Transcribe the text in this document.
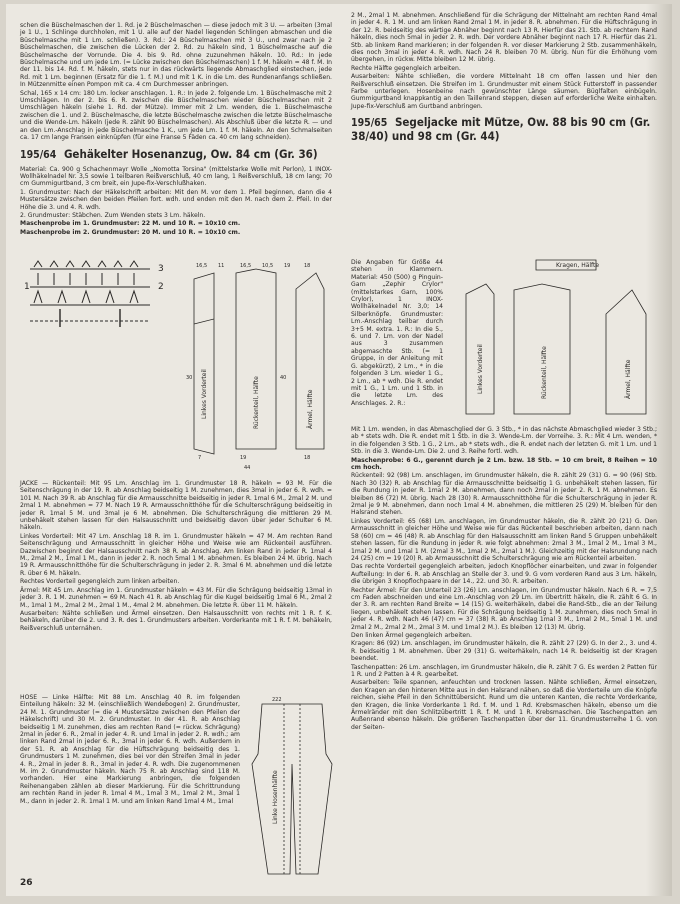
schen die Büschelmaschen der 1. Rd. je 2 Büschelmaschen — diese jedoch mit 3 U. — arbeiten (3mal je 1 U., 1 Schlinge durchholen, mit 1 U. alle auf der Nadel liegenden Schlingen abmaschen und die Büschelmasche mit 1 Lm. schließen). 3. Rd.: 24 Büschelmaschen mit 3 U., und zwar nach je 2 Büschelmaschen, die zwischen die Lücken der 2. Rd. zu häkeln sind, 1 Büschelmasche auf die Büschelmasche der Vorrunde. Die 4. bis 9. Rd. ohne zuzunehmen häkeln. 10. Rd.: In jede Büschelmasche und um jede Lm. (= Lücke zwischen den Büschelmaschen) 1 f. M. häkeln = 48 f. M. In der 11. bis 14. Rd. f. M. häkeln, stets nur in das rückwärts liegende Abmaschglied einstechen, jede Rd. mit 1 Lm. beginnen (Ersatz für die 1. f. M.) und mit 1 K. in die Lm. des Rundenanfangs schließen. In Mützenmitte einen Pompon mit ca. 4 cm Durchmesser anbringen.

Schal, 165 x 14 cm: 180 Lm. locker anschlagen. 1. R.: In jede 2. folgende Lm. 1 Büschelmasche mit 2 Umschlägen. In der 2. bis 6. R. zwischen die Büschelmaschen wieder Büschelmaschen mit 2 Umschlägen häkeln (siehe 1. Rd. der Mütze). Immer mit 2 Lm. wenden, die 1. Büschelmasche zwischen die 1. und 2. Büschelmasche, die letzte Büschelmasche zwischen die letzte Büschelmasche und die Wende-Lm. häkeln (jede R. zählt 90 Büschelmaschen). Als Abschluß über die letzte R. — und an den Lm.-Anschlag in jede Büschelmasche 1 K., um jede Lm. 1 f. M. häkeln. An den Schmalseiten ca. 17 cm lange Fransen einknüpfen (für eine Franse 5 Fäden ca. 40 cm lang schneiden).

195/64 Gehäkelter Hosenanzug, Ow. 84 cm (Gr. 36)

Material: Ca. 900 g Schachenmayr Wolle „Nomotta Torsina" (mittelstarke Wolle mit Perlon), 1 INOX-Wollhäkelnadel Nr. 3,5 sowie 1 teilbaren Reißverschluß, 40 cm lang, 1 Reißverschluß, 18 cm lang; 70 cm Gummigurtband, 3 cm breit, ein Jupe-fix-Verschlußhaken.

1. Grundmuster: Nach der Häkelschrift arbeiten: Mit den M. vor dem 1. Pfeil beginnen, dann die 4 Mustersätze zwischen den beiden Pfeilen fort. wdh. und enden mit den M. nach dem 2. Pfeil. In der Höhe die 3. und 4. R. wdh.

2. Grundmuster: Stäbchen. Zum Wenden stets 3 Lm. häkeln.

Maschenprobe im 1. Grundmuster: 22 M. und 10 R. = 10x10 cm.

Maschenprobe im 2. Grundmuster: 20 M. und 10 R. = 10x10 cm.

3
1	2
Linkes Vorderteil	Rückenteil, Hälfte	Ärmel, Hälfte
16,5 11	16,5 10,5 19	18
19
7
44
18
30	40

JACKE — Rückenteil: Mit 95 Lm. Anschlag im 1. Grundmuster 18 R. häkeln = 93 M. Für die Seitenschrägung in der 19. R. ab Anschlag beidseitig 1 M. zunehmen, dies 3mal in jeder 6. R. wdh. = 101 M. Nach 39 R. ab Anschlag für die Armausschnitte beidseitig in jeder R. 1mal 6 M., 2mal 2 M. und 2mal 1 M. abnehmen = 77 M. Nach 19 R. Armausschnitthöhe für die Schulterschrägung beidseitig in jeder R. 1mal 5 M. und 3mal je 6 M. abnehmen. Die Schulterschrägung die mittleren 29 M. unbehäkelt stehen lassen für den Halsausschnitt und beidseitig davon über jeder Schulter 6 M. häkeln.

Linkes Vorderteil: Mit 47 Lm. Anschlag 18 R. im 1. Grundmuster häkeln = 47 M. Am rechten Rand Seitenschrägung und Armausschnitt in gleicher Höhe und Weise wie am Rückenteil ausführen. Dazwischen beginnt der Halsausschnitt nach 38 R. ab Anschlag. Am linken Rand in jeder R. 1mal 4 M., 2mal 2 M., 1mal 1 M., dann in jeder 2. R. noch 5mal 1 M. abnehmen. Es bleiben 24 M. übrig. Nach 19 R. Armausschnitthöhe für die Schulterschrägung in jeder 2. R. 3mal 6 M. abnehmen und die letzte R. über 6 M. häkeln.

Rechtes Vorderteil gegengleich zum linken arbeiten.

Ärmel: Mit 45 Lm. Anschlag im 1. Grundmuster häkeln = 43 M. Für die Schrägung beidseitig 13mal in jeder 3. R. 1 M. zunehmen = 69 M. Nach 41 R. ab Anschlag für die Kugel beidseitig 1mal 6 M., 2mal 2 M., 1mal 1 M., 2mal 2 M., 2mal 1 M., 4mal 2 M. abnehmen. Die letzte R. über 11 M. häkeln.

Ausarbeiten: Nähte schließen und Ärmel einsetzen. Den Halsausschnitt von rechts mit 1 R. f. K. behäkeln, darüber die 2. und 3. R. des 1. Grundmusters arbeiten. Vorderkante mit 1 R. f. M. behäkeln, Reißverschluß unternähen.

HOSE — Linke Hälfte: Mit 88 Lm. Anschlag 40 R. im folgenden Einteilung häkeln: 32 M. (einschließlich Wendebogen) 2. Grundmuster, 24 M. 1. Grundmuster (= die 4 Mustersätze zwischen den Pfeilen der Häkelschrift) und 30 M. 2. Grundmuster. In der 41. R. ab Anschlag beidseitig 1 M. zunehmen, dies am rechten Rand (= rückw. Schrägung) 2mal in jeder 6. R., 2mal in jeder 4. R. und 1mal in jeder 2. R. wdh.; am linken Rand 2mal in jeder 6. R., 3mal in jeder 6. R. wdh. Außerdem in der 51. R. ab Anschlag für die Hüftschrägung beidseitig des 1. Grundmusters 1 M. zunehmen, dies bei vor den Streifen 3mal in jeder 4. R., 2mal in jeder 8. R., 3mal in jeder 4. R. wdh. Die zugenommenen M. im 2. Grundmuster häkeln. Nach 75 R. ab Anschlag sind 118 M. vorhanden. Hier eine Markierung anbringen, die folgenden Reihenangaben zählen ab dieser Markierung. Für die Schrittrundung am rechten Rand in jeder R. 1mal 4 M., 1mal 3 M., 1mal 2 M., 3mal 1 M., dann in jeder 2. R. 1mal 1 M. und am linken Rand 1mal 4 M., 1mal

222
Linke Hosenhälfte
26

2 M., 2mal 1 M. abnehmen. Anschließend für die Schrägung der Mittelnaht am rechten Rand 4mal in jeder 4. R. 1 M. und am linken Rand 2mal 1 M. in jeder 8. R. abnehmen. Für die Hüftschrägung in der 12. R. beidseitig des wärtige Abnäher beginnt nach 13 R. Hierfür das 21. Stb. ab rechtem Rand häkeln, dies noch 5mal in jeder 2. R. wdh. Der vordere Abnäher beginnt nach 17 R. Hierfür das 21. Stb. ab linkem Rand markieren; in der folgenden R. vor dieser Markierung 2 Stb. zusammenhäkeln, dies noch 3mal in jeder 4. R. wdh. Nach 24 R. bleiben 70 M. übrig. Nun für die Erhöhung vom übergehen, in rückw. Mitte bleiben 12 M. übrig.

Rechte Hälfte gegengleich arbeiten.

Ausarbeiten: Nähte schließen, die vordere Mittelnaht 18 cm offen lassen und hier den Reißverschluß einsetzen. Die Streifen im 1. Grundmuster mit einem Stück Futterstoff in passender Farbe unterlegen. Hosenbeine nach gewünschter Länge säumen. Büglfalten einbügeln. Gummigurtband knappkantig an den Taillenrand steppen, diesen auf erforderliche Weite einhalten. Jupe-fix-Verschluß am Gurtband anbringen.

195/65 Segeljacke mit Mütze, Ow. 88 bis 90 cm (Gr. 38/40) und 98 cm (Gr. 44)

Die Angaben für Größe 44 stehen in Klammern. Material: 450 (500) g Pinguin-Garn „Zephir Crylor" (mittelstarkes Garn, 100% Crylor), 1 INOX-Wollhäkelnadel Nr. 3,0; 14 Silberknöpfe. Grundmuster: Lm.-Anschlag teilbar durch 3+5 M. extra. 1. R.: In die 5., 6. und 7. Lm. von der Nadel aus 3 zusammen abgemaschte Stb. (= 1 Gruppe, in der Anleitung mit G. abgekürzt), 2 Lm., * in die folgenden 3 Lm. wieder 1 G., 2 Lm., ab * wdh. Die R. endet mit 1 G., 1 Lm. und 1 Stb. in die letzte Lm. des Anschlages. 2. R.:

Kragen, Hälfte
Linkes Vorderteil	Rückenteil, Hälfte	Ärmel, Hälfte

Mit 1 Lm. wenden, in das Abmaschglied der G. 3 Stb., * in das nächste Abmaschglied wieder 3 Stb.; ab * stets wdh. Die R. endet mit 1 Stb. in die 3. Wende-Lm. der Vorreihe. 3. R.: Mit 4 Lm. wenden, * in die folgenden 3 Stb. 1 G., 2 Lm., ab * stets wdh., die R. endet nach der letzten G. mit 1 Lm. und 1 Stb. in die 3. Wende-Lm. Die 2. und 3. Reihe fortl. wdh.

Maschenprobe: 6 G., gerennt durch je 2 Lm. bzw. 18 Stb. = 10 cm breit, 8 Reihen = 10 cm hoch.

Rückenteil: 92 (98) Lm. anschlagen, im Grundmuster häkeln, die R. zählt 29 (31) G. = 90 (96) Stb. Nach 30 (32) R. ab Anschlag für die Armausschnitte beidseitig 1 G. unbehäkelt stehen lassen, für die Rundung in jeder R. 1mal 2 M. abnehmen, dann noch 2mal in jeder 2. R. 1 M. abnehmen. Es bleiben 86 (72) M. übrig. Nach 28 (30) R. Armausschnitthöhe für die Schulterschrägung in jeder R. 2mal je 9 M. abnehmen, dann noch 1mal 4 M. abnehmen, die mittleren 25 (29) M. bleiben für den Halsrand stehen.

Linkes Vorderteil: 65 (68) Lm. anschlagen, im Grundmuster häkeln, die R. zählt 20 (21) G. Den Armausschnitt in gleicher Höhe und Weise wie für das Rückenteil beschrieben arbeiten, dann nach 58 (60) cm = 46 (48) R. ab Anschlag für den Halsausschnitt am linken Rand 5 Gruppen unbehäkelt stehen lassen, für die Rundung in jeder R. wie folgt abnehmen: 2mal 3 M., 1mal 2 M., 1mal 3 M., 1mal 2 M. und 1mal 1 M. (2mal 3 M., 1mal 2 M., 2mal 1 M.). Gleichzeitig mit der Halsrundung nach 24 (25) cm = 19 (20) R. ab Armausschnitt die Schulterschrägung wie am Rückenteil arbeiten.

Das rechte Vorderteil gegengleich arbeiten, jedoch Knopflöcher einarbeiten, und zwar in folgender Aufteilung: In der 6. R. ab Anschlag an Stelle der 3. und 9. G vom vorderen Rand aus 3 Lm. häkeln, die übrigen 3 Knopflochpaare in der 14., 22. und 30. R. arbeiten.

Rechter Ärmel: Für den Unterteil 23 (26) Lm. anschlagen, im Grundmuster häkeln. Nach 6 R. = 7,5 cm Faden abschneiden und eine Lm.-Anschlag von 29 Lm. im Übertritt häkeln, die R. zählt 6 G. In der 3. R. am rechten Rand Breite = 14 (15) G. weiterhäkeln, dabei die Rand-Stb., die an der Teilung liegen, unbehäkelt stehen lassen. Für die Schrägung beidseitig 1 M. zunehmen, dies noch 5mal in jeder 4. R. wdh. Nach 46 (47) cm = 37 (38) R. ab Anschlag 1mal 3 M., 1mal 2 M., 5mal 1 M. und 2mal 2 M., 2mal 2 M., 2mal 3 M. und 1mal 2 M.). Es bleiben 12 (13) M. übrig.

Den linken Ärmel gegengleich arbeiten.

Kragen: 86 (92) Lm. anschlagen, im Grundmuster häkeln, die R. zählt 27 (29) G. In der 2., 3. und 4. R. beidseitig 1 M. abnehmen. Über 29 (31) G. weiterhäkeln, nach 14 R. beidseitig ist der Kragen beendet.

Taschenpatten: 26 Lm. anschlagen, im Grundmuster häkeln, die R. zählt 7 G. Es werden 2 Patten für 1 R. und 2 Patten à 4 R. gearbeitet.

Ausarbeiten: Teile spannen, anfeuchten und trocknen lassen. Nähte schließen, Ärmel einsetzen, den Kragen an den hinteren Mitte aus in den Halsrand nähen, so daß die Vorderteile um die Knöpfe reichen, siehe Pfeil in den Schnittübersicht. Rund um die unteren Kanten, die rechte Vorderkante, den Kragen, die linke Vorderkante 1 Rd. f. M. und 1 Rd. Krebsmaschen häkeln, ebenso um die Ärmelränder mit den Schlitzübertritt 1 R. f. M. und 1 R. Krebsmaschen. Die Taschenpatten am Außenrand ebenso häkeln. Die größeren Taschenpatten über der 11. Grundmusterreihe 1 G. von der Seiten-
